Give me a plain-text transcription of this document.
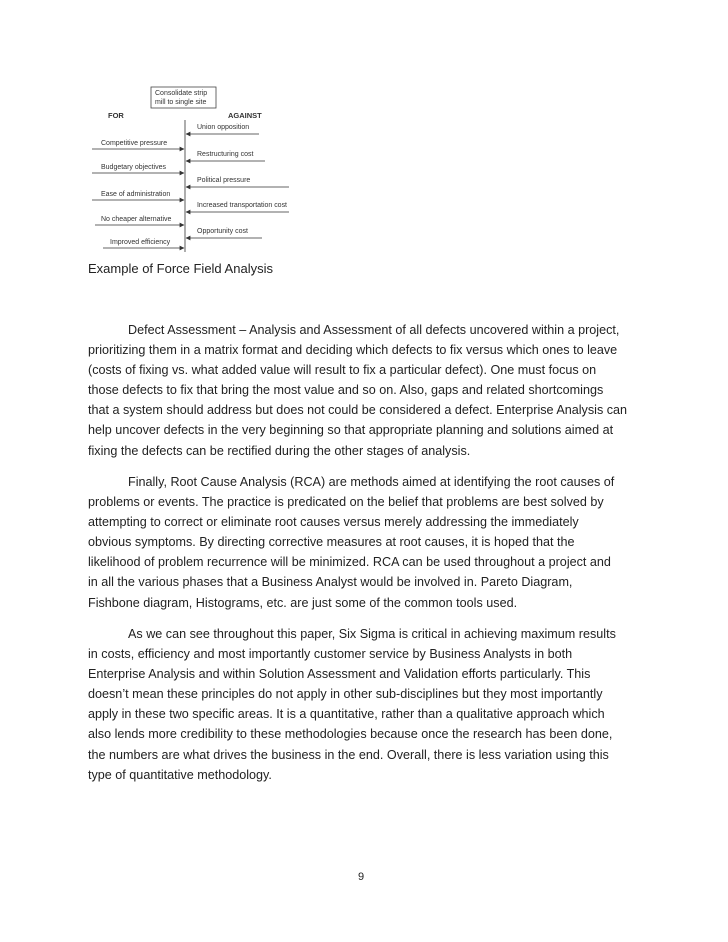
Consolidate strip
mill to single site
FOR	AGAINST
Competitive pressure
Budgetary objectives
Ease of administration
No cheaper alternative
Improved efficiency
Union opposition
Restructuring cost
Political pressure
Increased transportation cost
Opportunity cost

Example of Force Field Analysis

Defect Assessment – Analysis and Assessment of all defects uncovered within a project,
prioritizing them in a matrix format and deciding which defects to fix versus which ones to leave
(costs of fixing vs. what added value will result to fix a particular defect). One must focus on
those defects to fix that bring the most value and so on. Also, gaps and related shortcomings
that a system should address but does not could be considered a defect. Enterprise Analysis can
help uncover defects in the very beginning so that appropriate planning and solutions aimed at
fixing the defects can be rectified during the other stages of analysis.
Finally, Root Cause Analysis (RCA) are methods aimed at identifying the root causes of
problems or events. The practice is predicated on the belief that problems are best solved by
attempting to correct or eliminate root causes versus merely addressing the immediately
obvious symptoms. By directing corrective measures at root causes, it is hoped that the
likelihood of problem recurrence will be minimized. RCA can be used throughout a project and
in all the various phases that a Business Analyst would be involved in. Pareto Diagram,
Fishbone diagram, Histograms, etc. are just some of the common tools used.
As we can see throughout this paper, Six Sigma is critical in achieving maximum results
in costs, efficiency and most importantly customer service by Business Analysts in both
Enterprise Analysis and within Solution Assessment and Validation efforts particularly. This
doesn’t mean these principles do not apply in other sub-disciplines but they most importantly
apply in these two specific areas. It is a quantitative, rather than a qualitative approach which
also lends more credibility to these methodologies because once the research has been done,
the numbers are what drives the business in the end. Overall, there is less variation using this
type of quantitative methodology.
9
